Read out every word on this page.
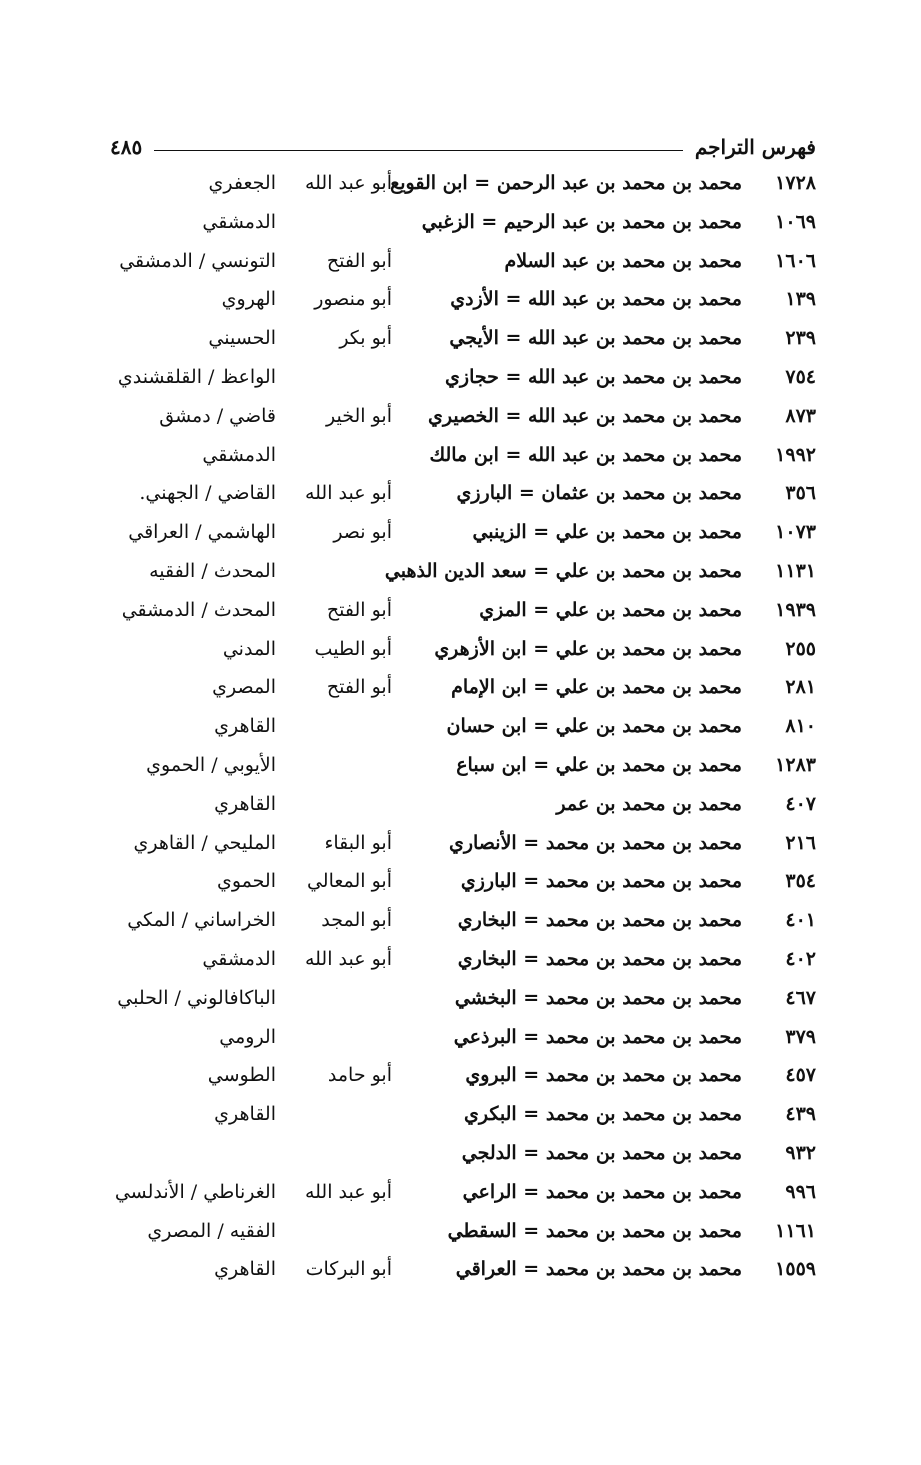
فهرس التراجم
٤٨٥
١٧٢٨
محمد بن محمد بن عبد الرحمن = ابن القويع
أبو عبد الله
الجعفري
١٠٦٩
محمد بن محمد بن عبد الرحيم = الزغبي
الدمشقي
١٦٠٦
محمد بن محمد بن عبد السلام
أبو الفتح
التونسي / الدمشقي
١٣٩
محمد بن محمد بن عبد الله = الأزدي
أبو منصور
الهروي
٢٣٩
محمد بن محمد بن عبد الله = الأيجي
أبو بكر
الحسيني
٧٥٤
محمد بن محمد بن عبد الله = حجازي
الواعظ / القلقشندي
٨٧٣
محمد بن محمد بن عبد الله = الخصيري
أبو الخير
قاضي / دمشق
١٩٩٢
محمد بن محمد بن عبد الله = ابن مالك
الدمشقي
٣٥٦
محمد بن محمد بن عثمان = البارزي
أبو عبد الله
القاضي / الجهني.
١٠٧٣
محمد بن محمد بن علي = الزينبي
أبو نصر
الهاشمي / العراقي
١١٣١
محمد بن محمد بن علي = سعد الدين الذهبي
المحدث / الفقيه
١٩٣٩
محمد بن محمد بن علي = المزي
أبو الفتح
المحدث / الدمشقي
٢٥٥
محمد بن محمد بن علي = ابن الأزهري
أبو الطيب
المدني
٢٨١
محمد بن محمد بن علي = ابن الإمام
أبو الفتح
المصري
٨١٠
محمد بن محمد بن علي = ابن حسان
القاهري
١٢٨٣
محمد بن محمد بن علي = ابن سباع
الأيوبي / الحموي
٤٠٧
محمد بن محمد بن عمر
القاهري
٢١٦
محمد بن محمد بن محمد = الأنصاري
أبو البقاء
المليحي / القاهري
٣٥٤
محمد بن محمد بن محمد = البارزي
أبو المعالي
الحموي
٤٠١
محمد بن محمد بن محمد = البخاري
أبو المجد
الخراساني / المكي
٤٠٢
محمد بن محمد بن محمد = البخاري
أبو عبد الله
الدمشقي
٤٦٧
محمد بن محمد بن محمد = البخشي
الباكافالوني / الحلبي
٣٧٩
محمد بن محمد بن محمد = البرذعي
الرومي
٤٥٧
محمد بن محمد بن محمد = البروي
أبو حامد
الطوسي
٤٣٩
محمد بن محمد بن محمد = البكري
القاهري
٩٣٢
محمد بن محمد بن محمد = الدلجي
٩٩٦
محمد بن محمد بن محمد = الراعي
أبو عبد الله
الغرناطي / الأندلسي
١١٦١
محمد بن محمد بن محمد = السقطي
الفقيه / المصري
١٥٥٩
محمد بن محمد بن محمد = العراقي
أبو البركات
القاهري
